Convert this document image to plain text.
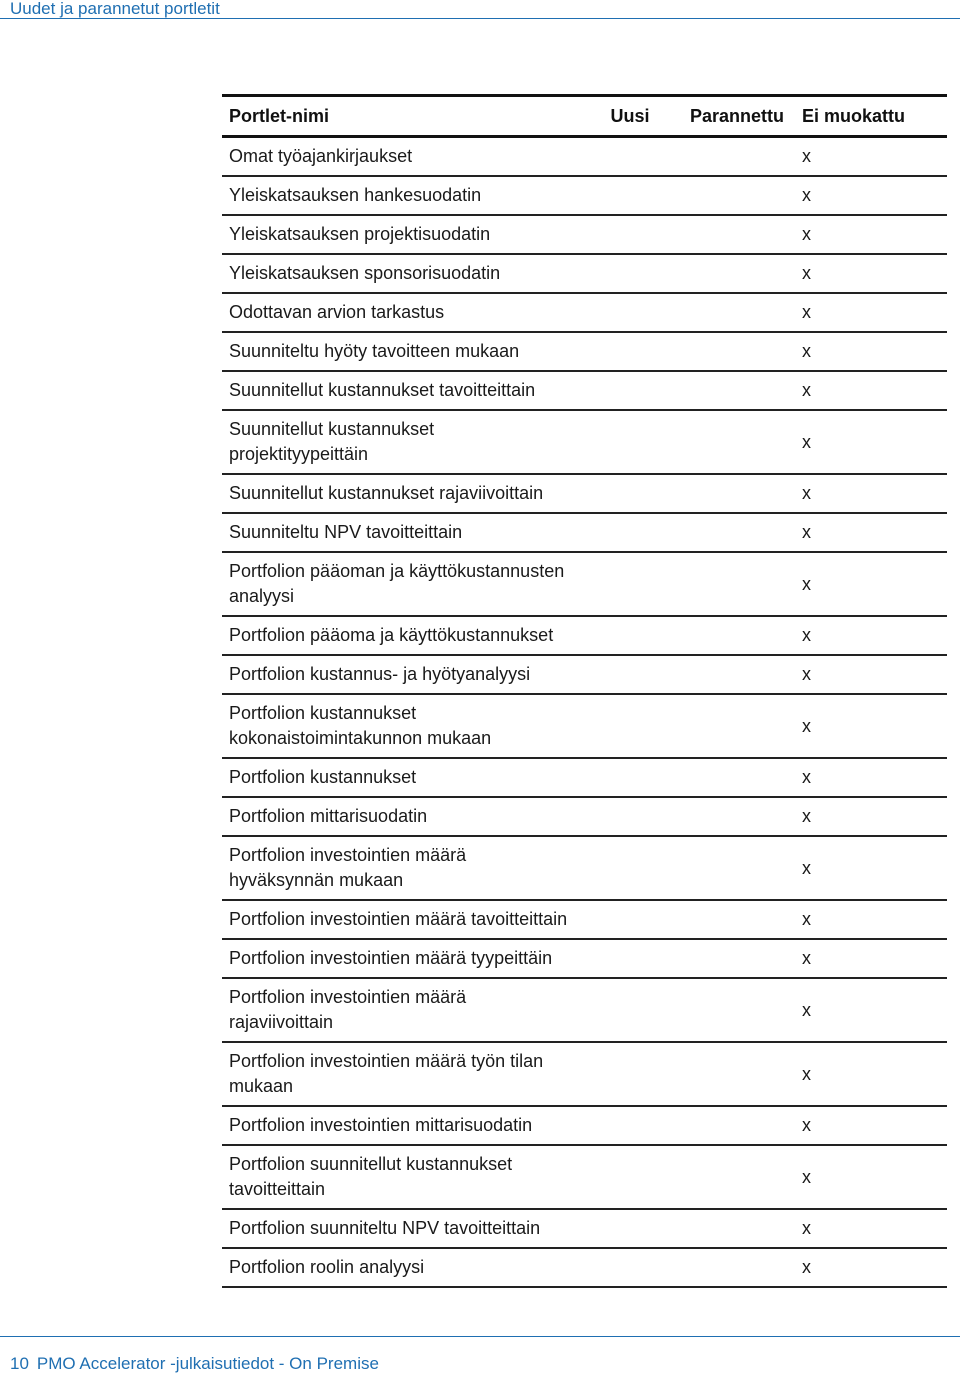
Uudet ja parannetut portletit
Portlet-nimi	Uusi	Parannettu	Ei muokattu
Omat työajankirjaukset			x
Yleiskatsauksen hankesuodatin			x
Yleiskatsauksen projektisuodatin			x
Yleiskatsauksen sponsorisuodatin			x
Odottavan arvion tarkastus			x
Suunniteltu hyöty tavoitteen mukaan			x
Suunnitellut kustannukset tavoitteittain			x
Suunnitellut kustannukset projektityypeittäin			x
Suunnitellut kustannukset rajaviivoittain			x
Suunniteltu NPV tavoitteittain			x
Portfolion pääoman ja käyttökustannusten analyysi			x
Portfolion pääoma ja käyttökustannukset			x
Portfolion kustannus- ja hyötyanalyysi			x
Portfolion kustannukset kokonaistoimintakunnon mukaan			x
Portfolion kustannukset			x
Portfolion mittarisuodatin			x
Portfolion investointien määrä hyväksynnän mukaan			x
Portfolion investointien määrä tavoitteittain			x
Portfolion investointien määrä tyypeittäin			x
Portfolion investointien määrä rajaviivoittain			x
Portfolion investointien määrä työn tilan mukaan			x
Portfolion investointien mittarisuodatin			x
Portfolion suunnitellut kustannukset tavoitteittain			x
Portfolion suunniteltu NPV tavoitteittain			x
Portfolion roolin analyysi			x
10 PMO Accelerator -julkaisutiedot - On Premise
